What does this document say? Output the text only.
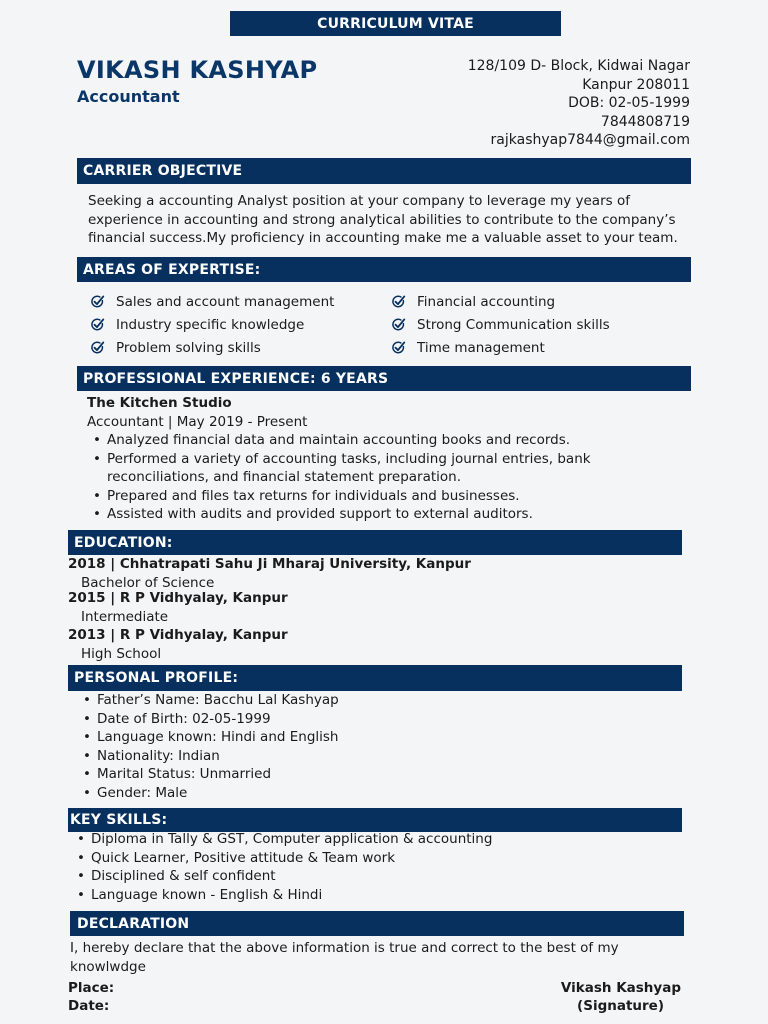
CURRICULUM VITAE
VIKASH KASHYAP
Accountant
128/109 D- Block, Kidwai Nagar
Kanpur 208011
DOB: 02-05-1999
7844808719
rajkashyap7844@gmail.com
CARRIER OBJECTIVE
Seeking a accounting Analyst position at your company to leverage my years of
experience in accounting and strong analytical abilities to contribute to the company’s
financial success.My proficiency in accounting make me a valuable asset to your team.
AREAS OF EXPERTISE:
Sales and account management
Industry specific knowledge
Problem solving skills
Financial accounting
Strong Communication skills
Time management
PROFESSIONAL EXPERIENCE: 6 YEARS
The Kitchen Studio
Accountant | May 2019 - Present
• Analyzed financial data and maintain accounting books and records.
• Performed a variety of accounting tasks, including journal entries, bank reconciliations, and financial statement preparation.
• Prepared and files tax returns for individuals and businesses.
• Assisted with audits and provided support to external auditors.
EDUCATION:
2018 | Chhatrapati Sahu Ji Mharaj University, Kanpur
Bachelor of Science
2015 | R P Vidhyalay, Kanpur
Intermediate
2013 | R P Vidhyalay, Kanpur
High School
PERSONAL PROFILE:
• Father’s Name: Bacchu Lal Kashyap
• Date of Birth: 02-05-1999
• Language known: Hindi and English
• Nationality: Indian
• Marital Status: Unmarried
• Gender: Male
KEY SKILLS:
• Diploma in Tally & GST, Computer application & accounting
• Quick Learner, Positive attitude & Team work
• Disciplined & self confident
• Language known - English & Hindi
DECLARATION
I, hereby declare that the above information is true and correct to the best of my
knowlwdge
Place:
Date:
Vikash Kashyap
(Signature)
